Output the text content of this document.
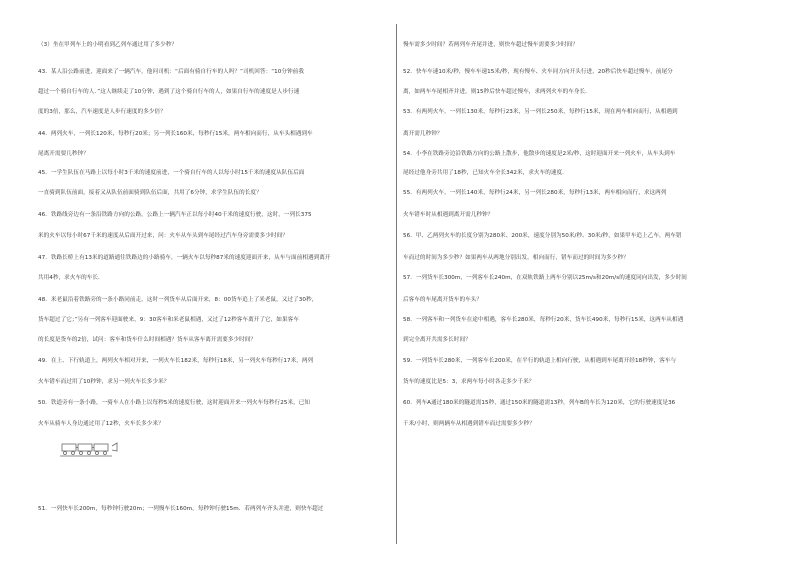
（3）坐在甲列车上的小明看到乙列车通过用了多少秒？
43．某人沿公路前进，迎面来了一辆汽车，他问司机：“后面有骑自行车的人吗？”司机回答：“10分钟前我
超过一个骑自行车的人．”这人继续走了10分钟，遇到了这个骑自行车的人，如果自行车的速度是人步行速
度的3倍，那么，汽车速度是人步行速度的多少倍？
44．两列火车，一列长120米，每秒行20米；另一列长160米，每秒行15米，两车相向而行，从车头相遇到车
尾离开需要几秒钟？
45．一学生队伍在马路上以每小时3千米的速度前进，一个骑自行车的人以每小时15千米的速度从队伍后面
一直骑到队伍前面，接着又从队伍前面骑到队伍后面，共用了6分钟，求学生队伍的长度？
46．铁路线旁边有一条沿铁路方向的公路，公路上一辆汽车正以每小时40千米的速度行驶，这时，一列长375
米的火车以每小时67千米的速度从后面开过来，问：火车从车头到车尾经过汽车身旁需要多少时间？
47．铁路长桥上有13米的道路通往铁路边的小路骑车，一辆火车以每秒87米的速度迎面开来，从车与面前相遇到离开
共用4秒，求火车的车长．
48．米老鼠沿着铁路旁的一条小路同前走，这时一列货车从后面开来，8：00货车追上了米老鼠，又过了30秒，
货车超过了它；”另有一列客车迎面驶来，9：30客车和米老鼠相遇，又过了12秒客车离开了它，如果客车
的长度是货车的2倍，试问：客车和货车什么时间相遇？货车从客车离开需要多少时间？
49．在上、下行轨道上，两列火车相对开来，一列火车长182米，每秒行18米，另一列火车每秒行17米，两列
火车错车而过用了10秒钟，求另一列火车长多少米？
50．铁道旁有一条小路，一骑车人在小路上以每秒5米的速度行驶，这时迎面开来一列火车每秒行25米，已知
火车从骑车人身边通过用了12秒，火车长多少米？
51．一列快车长200m，每秒钟行驶20m；一列慢车长160m，每秒钟行驶15m．若两列车齐头并进，则快车超过
慢车需多少时间？若两列车齐尾并进，则快车超过慢车需要多少时间？
52．快车车速10米/秒，慢车车速15米/秒，现有慢车、火车同方向开头行进，20秒后快车超过慢车，前尾分
离，如两车车尾相齐并进，则15秒后快车超过慢车，求两列火车的车身长．
53．有两列火车，一列长130米，每秒行23米，另一列长250米，每秒行15米，现在两车相向而行，从相遇到
离开需几秒钟？
54．小李在铁路旁边沿铁路方向的公路上散步，他散步的速度是2米/秒，这时迎面开来一列火车，从车头到车
尾经过他身旁共用了18秒，已知火车全长342米，求火车的速度．
55．有两列火车，一列长140米，每秒行24米，另一列长280米，每秒行13米，两车相向而行，求这两列
火车错车时从相遇到离开需几秒钟？
56．甲、乙两列火车的长度分别为280米、200米，速度分别为50米/秒、30米/秒，如果甲车追上乙车，两车错
车而过的时间为多少秒？如果两车从两地分别出发，相向而行，错车而过的时间为多少秒？
57．一列货车长300m，一列客车长240m，在双轨铁路上两车分别以25m/s和20m/s的速度同向出发，多少时间
后客车的车尾离开货车的车头？
58．一列客车和一列货车在途中相遇，客车长280米，每秒行20米，货车长490米，每秒行15米，这两车从相遇
到完全离开共需多长时间？
59．一列货车长280米，一列客车长200米，在平行的轨道上相向行驶，从相遇到车尾离开经18秒钟，客车与
货车的速度比是5：3，求两车每小时各走多少千米？
60．列车A通过180米的隧道需15秒，通过150米的隧道需13秒，列车B的车长为120米，它的行驶速度是36
千米/小时，则两辆车从相遇到错车而过需要多少秒？
